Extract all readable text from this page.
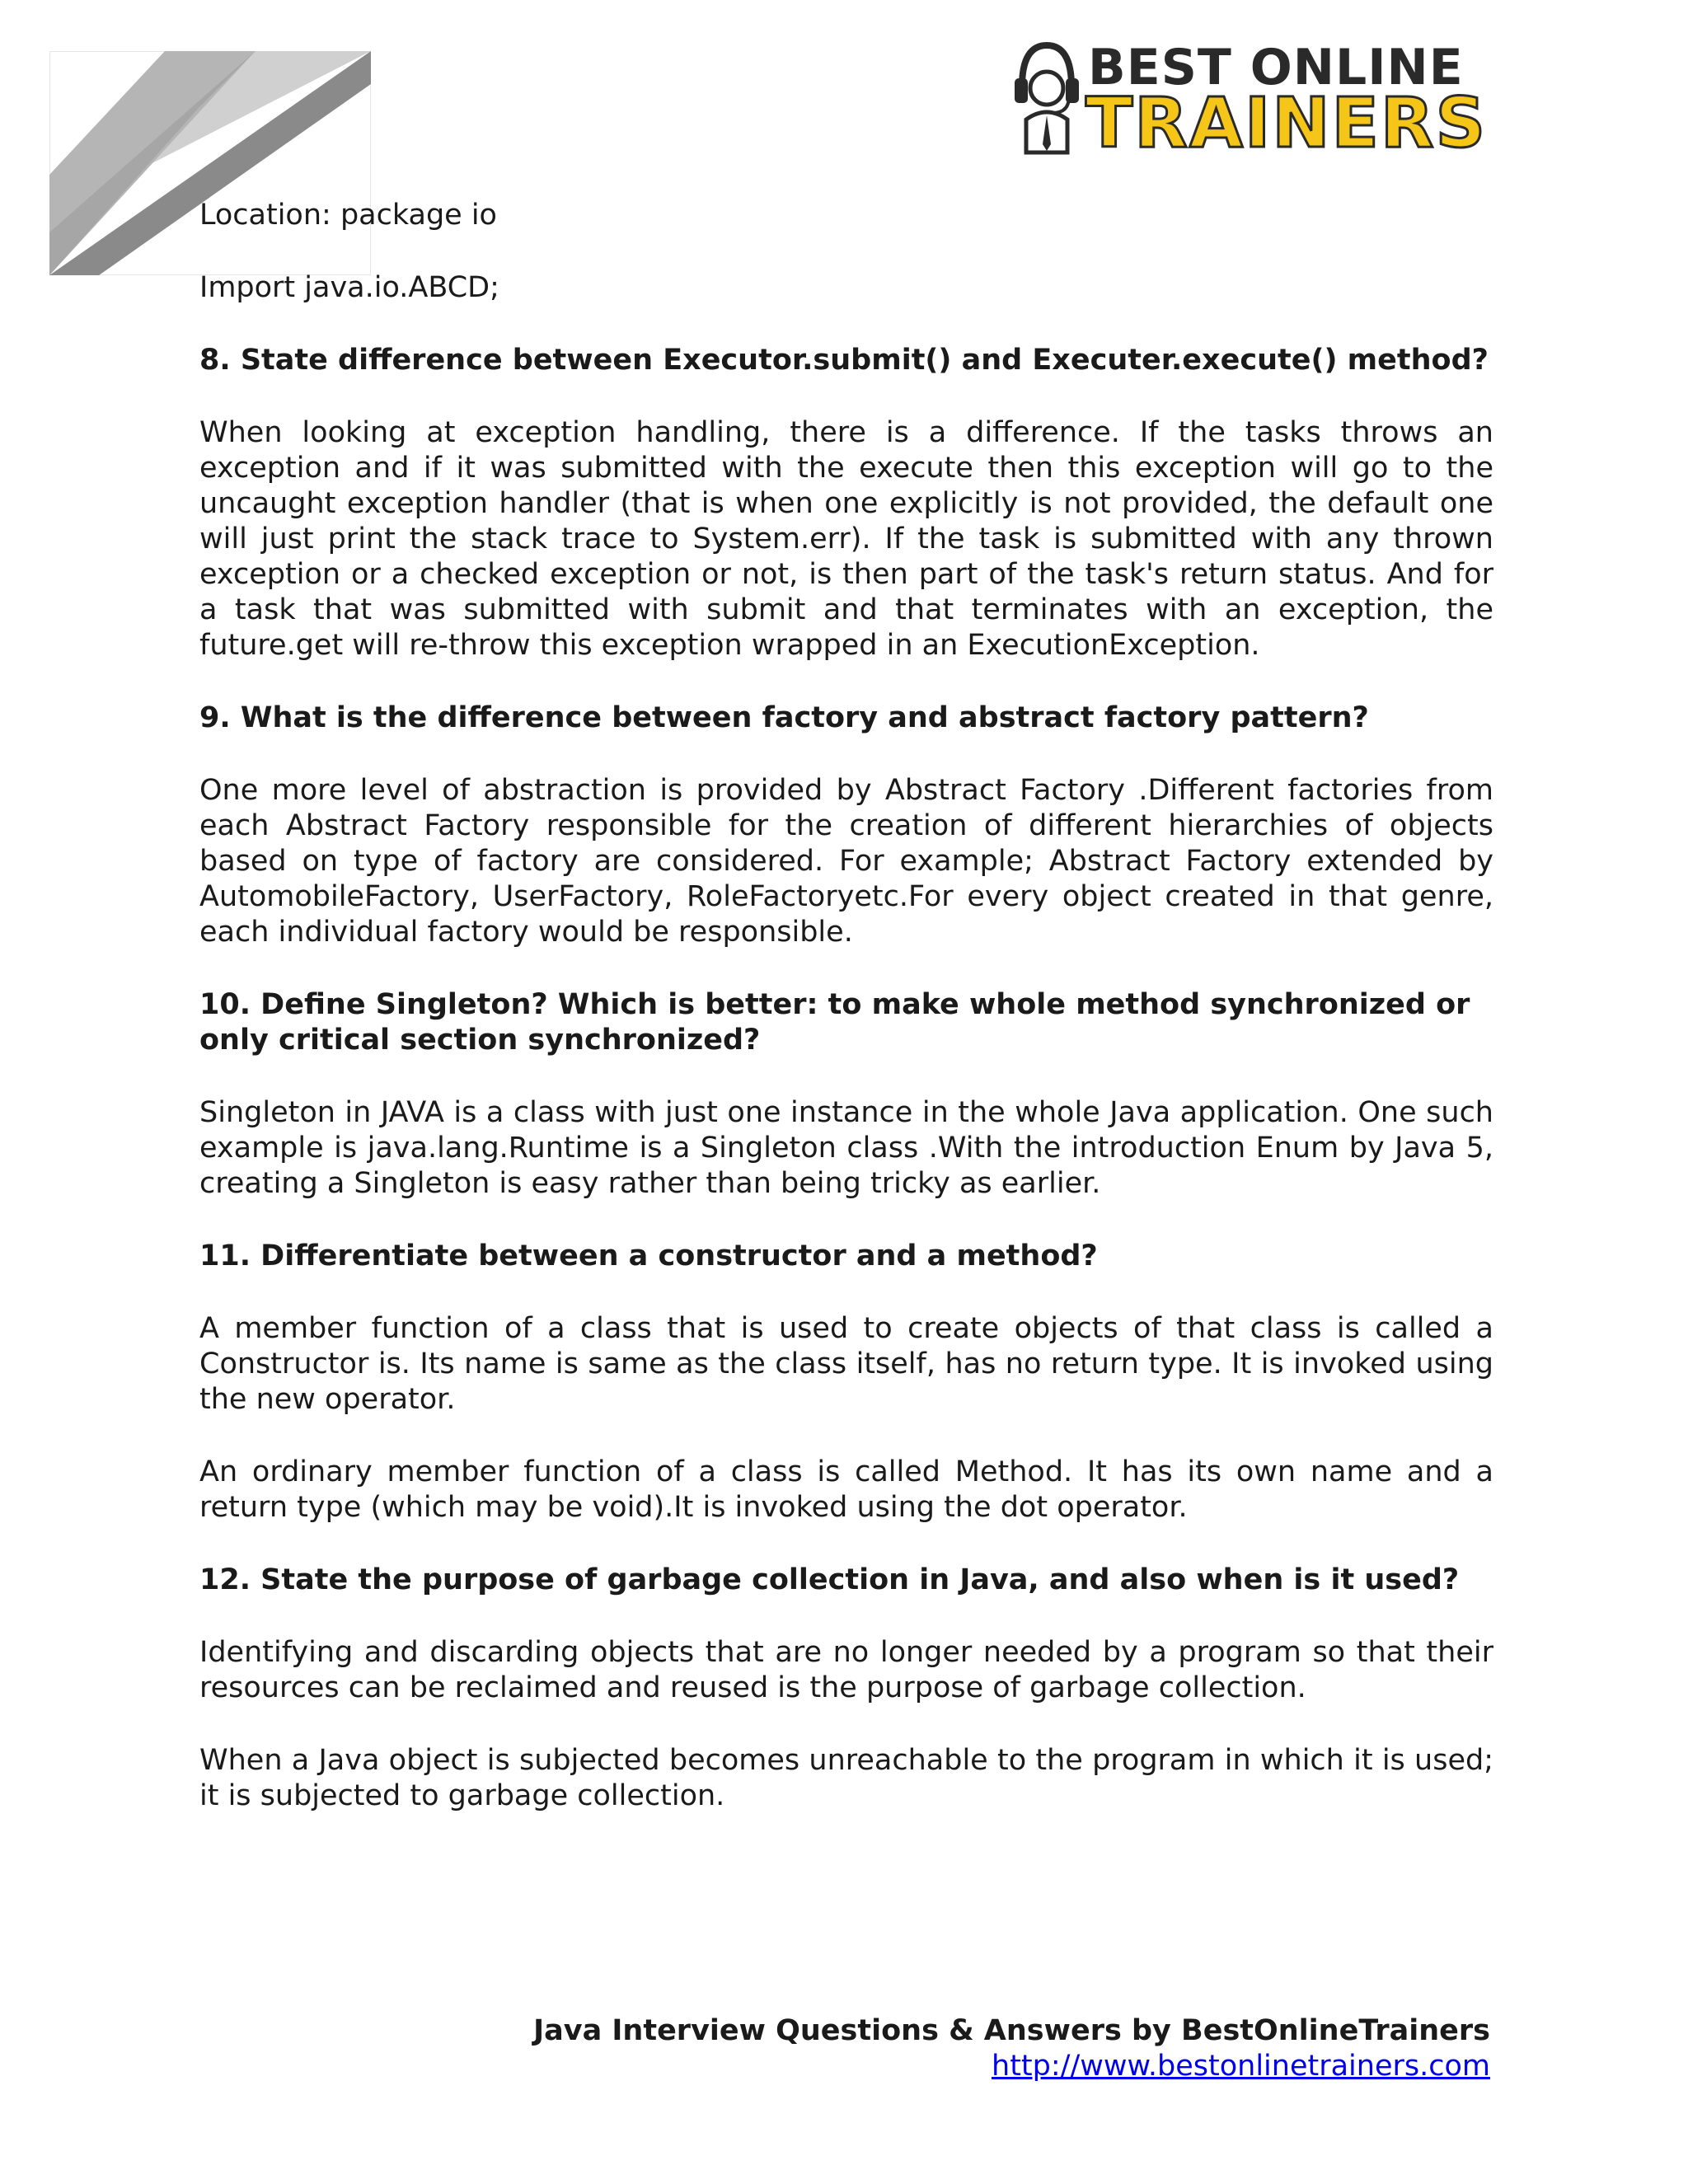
BEST ONLINE
TRAINERS

Location: package io

Import java.io.ABCD;

8. State difference between Executor.submit() and Executer.execute() method?

When looking at exception handling, there is a difference. If the tasks throws an exception and if it was submitted with the execute then this exception will go to the uncaught exception handler (that is when one explicitly is not provided, the default one will just print the stack trace to System.err). If the task is submitted with any thrown exception or a checked exception or not, is then part of the task's return status. And for a task that was submitted with submit and that terminates with an exception, the future.get will re-throw this exception wrapped in an ExecutionException.

9. What is the difference between factory and abstract factory pattern?

One more level of abstraction is provided by Abstract Factory .Different factories from each Abstract Factory responsible for the creation of different hierarchies of objects based on type of factory are considered. For example; Abstract Factory extended by AutomobileFactory, UserFactory, RoleFactoryetc.For every object created in that genre, each individual factory would be responsible.

10. Define Singleton? Which is better: to make whole method synchronized or only critical section synchronized?

Singleton in JAVA is a class with just one instance in the whole Java application. One such example is java.lang.Runtime is a Singleton class .With the introduction Enum by Java 5, creating a Singleton is easy rather than being tricky as earlier.

11. Differentiate between a constructor and a method?

A member function of a class that is used to create objects of that class is called a Constructor is. Its name is same as the class itself, has no return type. It is invoked using the new operator.

An ordinary member function of a class is called Method. It has its own name and a return type (which may be void).It is invoked using the dot operator.

12. State the purpose of garbage collection in Java, and also when is it used?

Identifying and discarding objects that are no longer needed by a program so that their resources can be reclaimed and reused is the purpose of garbage collection.

When a Java object is subjected becomes unreachable to the program in which it is used; it is subjected to garbage collection.

Java Interview Questions & Answers by BestOnlineTrainers

http://www.bestonlinetrainers.com
